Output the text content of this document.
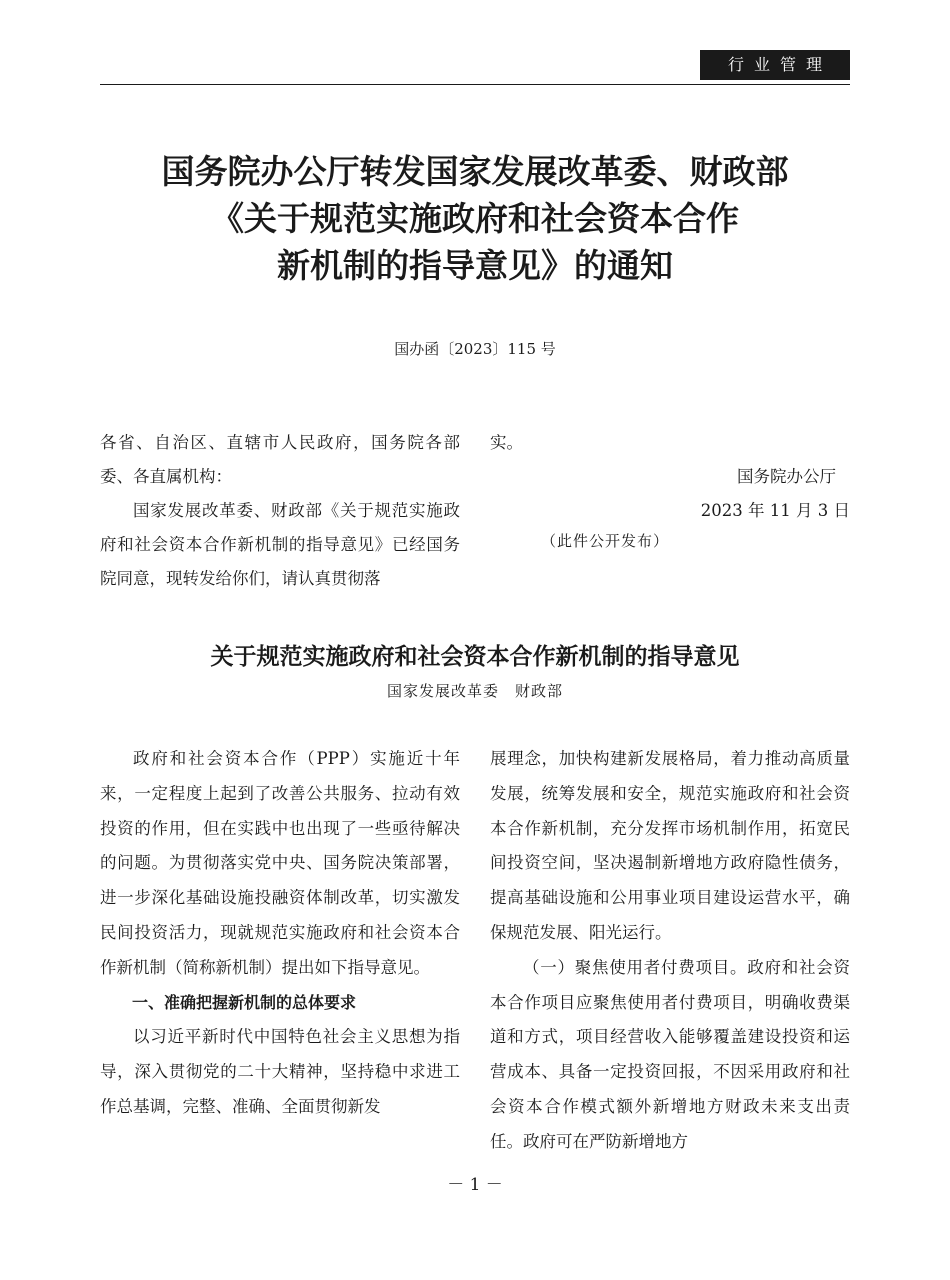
行业管理
国务院办公厅转发国家发展改革委、财政部
《关于规范实施政府和社会资本合作
新机制的指导意见》的通知
国办函〔2023〕115 号

各省、自治区、直辖市人民政府，国务院各部委、各直属机构：

国家发展改革委、财政部《关于规范实施政府和社会资本合作新机制的指导意见》已经国务院同意，现转发给你们，请认真贯彻落

实。

国务院办公厅

2023 年 11 月 3 日

（此件公开发布）
关于规范实施政府和社会资本合作新机制的指导意见
国家发展改革委　财政部

政府和社会资本合作（PPP）实施近十年来，一定程度上起到了改善公共服务、拉动有效投资的作用，但在实践中也出现了一些亟待解决的问题。为贯彻落实党中央、国务院决策部署，进一步深化基础设施投融资体制改革，切实激发民间投资活力，现就规范实施政府和社会资本合作新机制（简称新机制）提出如下指导意见。

一、准确把握新机制的总体要求

以习近平新时代中国特色社会主义思想为指导，深入贯彻党的二十大精神，坚持稳中求进工作总基调，完整、准确、全面贯彻新发

展理念，加快构建新发展格局，着力推动高质量发展，统筹发展和安全，规范实施政府和社会资本合作新机制，充分发挥市场机制作用，拓宽民间投资空间，坚决遏制新增地方政府隐性债务，提高基础设施和公用事业项目建设运营水平，确保规范发展、阳光运行。

（一）聚焦使用者付费项目。政府和社会资本合作项目应聚焦使用者付费项目，明确收费渠道和方式，项目经营收入能够覆盖建设投资和运营成本、具备一定投资回报，不因采用政府和社会资本合作模式额外新增地方财政未来支出责任。政府可在严防新增地方

－ 1 －
